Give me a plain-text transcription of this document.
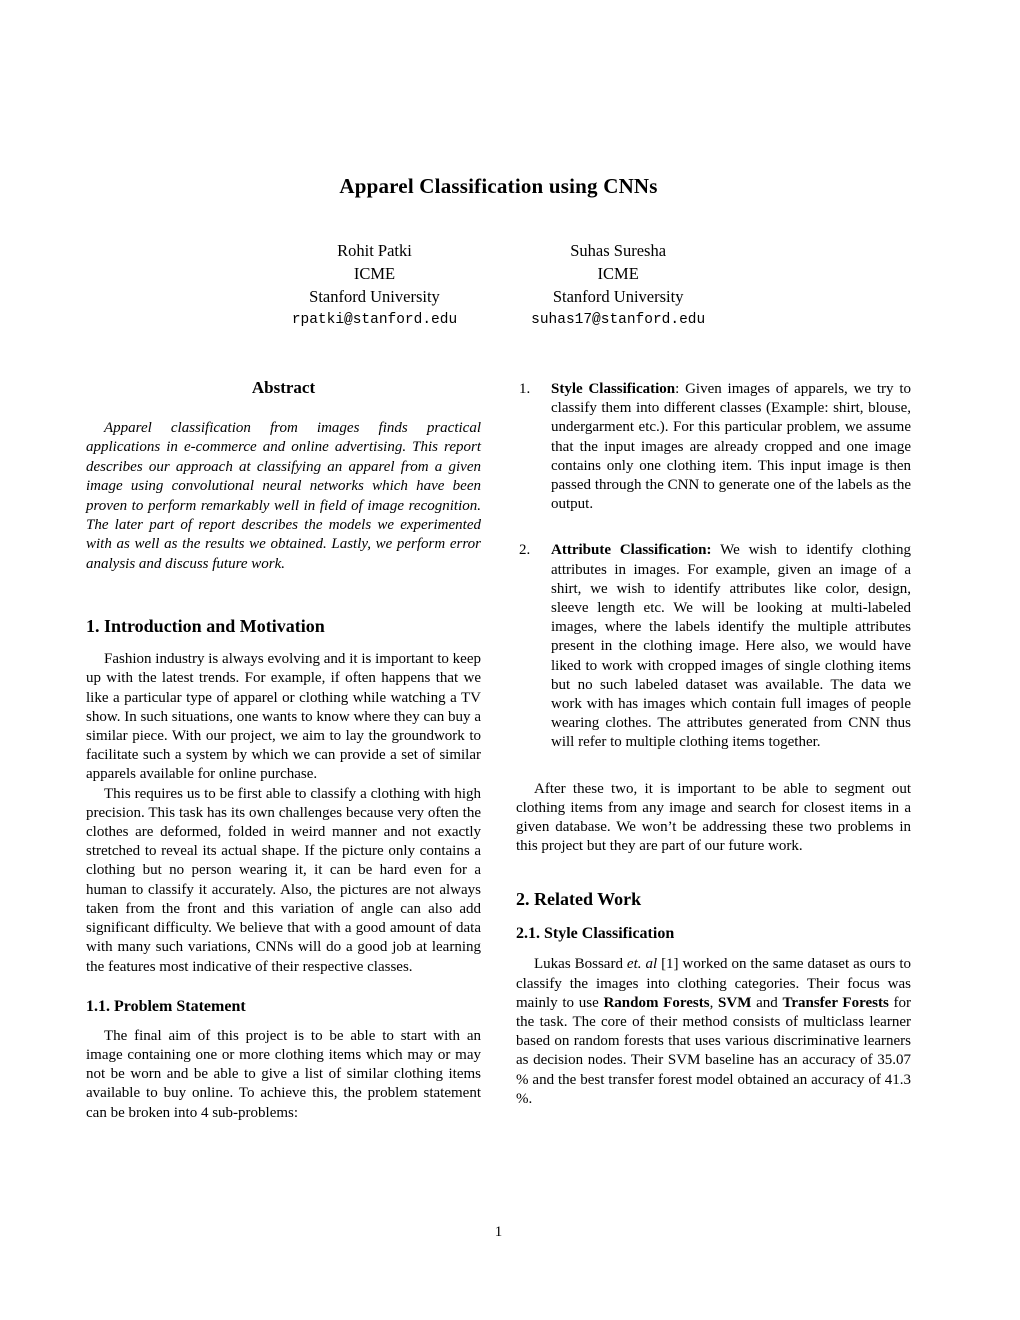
Apparel Classification using CNNs
Rohit Patki
ICME
Stanford University
rpatki@stanford.edu
Suhas Suresha
ICME
Stanford University
suhas17@stanford.edu
Abstract

Apparel classification from images finds practical applications in e-commerce and online advertising. This report describes our approach at classifying an apparel from a given image using convolutional neural networks which have been proven to perform remarkably well in field of image recognition. The later part of report describes the models we experimented with as well as the results we obtained. Lastly, we perform error analysis and discuss future work.

1. Introduction and Motivation

Fashion industry is always evolving and it is important to keep up with the latest trends. For example, if often happens that we like a particular type of apparel or clothing while watching a TV show. In such situations, one wants to know where they can buy a similar piece. With our project, we aim to lay the groundwork to facilitate such a system by which we can provide a set of similar apparels available for online purchase.

This requires us to be first able to classify a clothing with high precision. This task has its own challenges because very often the clothes are deformed, folded in weird manner and not exactly stretched to reveal its actual shape. If the picture only contains a clothing but no person wearing it, it can be hard even for a human to classify it accurately. Also, the pictures are not always taken from the front and this variation of angle can also add significant difficulty. We believe that with a good amount of data with many such variations, CNNs will do a good job at learning the features most indicative of their respective classes.

1.1. Problem Statement

The final aim of this project is to be able to start with an image containing one or more clothing items which may or may not be worn and be able to give a list of similar clothing items available to buy online. To achieve this, the problem statement can be broken into 4 sub-problems:

1. Style Classification: Given images of apparels, we try to classify them into different classes (Example: shirt, blouse, undergarment etc.). For this particular problem, we assume that the input images are already cropped and one image contains only one clothing item. This input image is then passed through the CNN to generate one of the labels as the output.
2. Attribute Classification: We wish to identify clothing attributes in images. For example, given an image of a shirt, we wish to identify attributes like color, design, sleeve length etc. We will be looking at multi-labeled images, where the labels identify the multiple attributes present in the clothing image. Here also, we would have liked to work with cropped images of single clothing items but no such labeled dataset was available. The data we work with has images which contain full images of people wearing clothes. The attributes generated from CNN thus will refer to multiple clothing items together.

After these two, it is important to be able to segment out clothing items from any image and search for closest items in a given database. We won’t be addressing these two problems in this project but they are part of our future work.

2. Related Work
2.1. Style Classification

Lukas Bossard et. al [1] worked on the same dataset as ours to classify the images into clothing categories. Their focus was mainly to use Random Forests, SVM and Transfer Forests for the task. The core of their method consists of multiclass learner based on random forests that uses various discriminative learners as decision nodes. Their SVM baseline has an accuracy of 35.07 % and the best transfer forest model obtained an accuracy of 41.3 %.

1
